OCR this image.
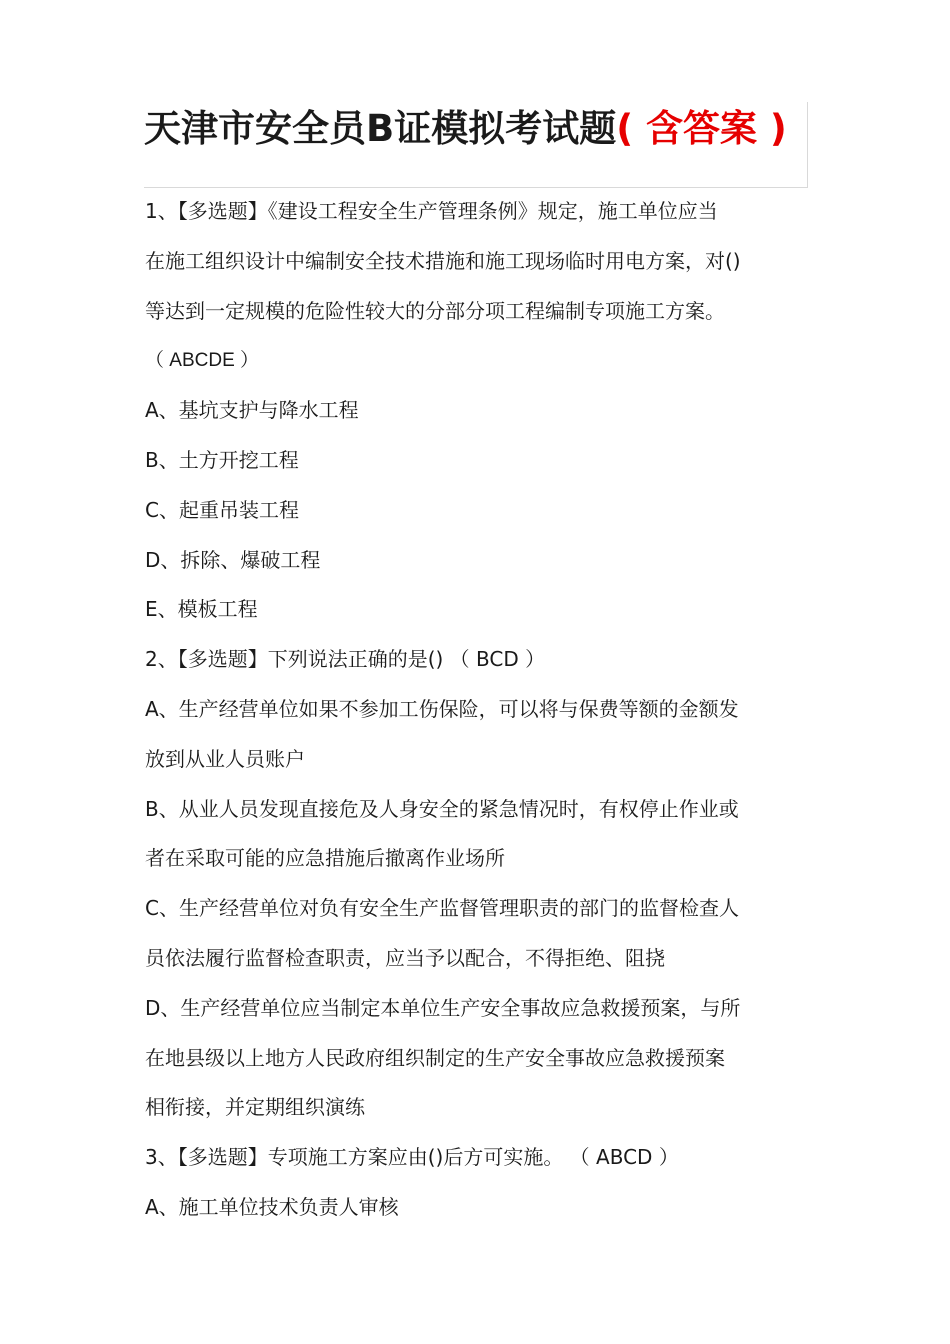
天津市安全员B证模拟考试题( 含答案 )
1、【多选题】《建设工程安全生产管理条例》规定，施工单位应当
在施工组织设计中编制安全技术措施和施工现场临时用电方案，对()
等达到一定规模的危险性较大的分部分项工程编制专项施工方案。
（ ABCDE ）
A、基坑支护与降水工程
B、土方开挖工程
C、起重吊装工程
D、拆除、爆破工程
E、模板工程
2、【多选题】下列说法正确的是() （ BCD ）
A、生产经营单位如果不参加工伤保险，可以将与保费等额的金额发
放到从业人员账户
B、从业人员发现直接危及人身安全的紧急情况时，有权停止作业或
者在采取可能的应急措施后撤离作业场所
C、生产经营单位对负有安全生产监督管理职责的部门的监督检查人
员依法履行监督检查职责，应当予以配合，不得拒绝、阻挠
D、生产经营单位应当制定本单位生产安全事故应急救援预案，与所
在地县级以上地方人民政府组织制定的生产安全事故应急救援预案
相衔接，并定期组织演练
3、【多选题】专项施工方案应由()后方可实施。 （ ABCD ）
A、施工单位技术负责人审核
